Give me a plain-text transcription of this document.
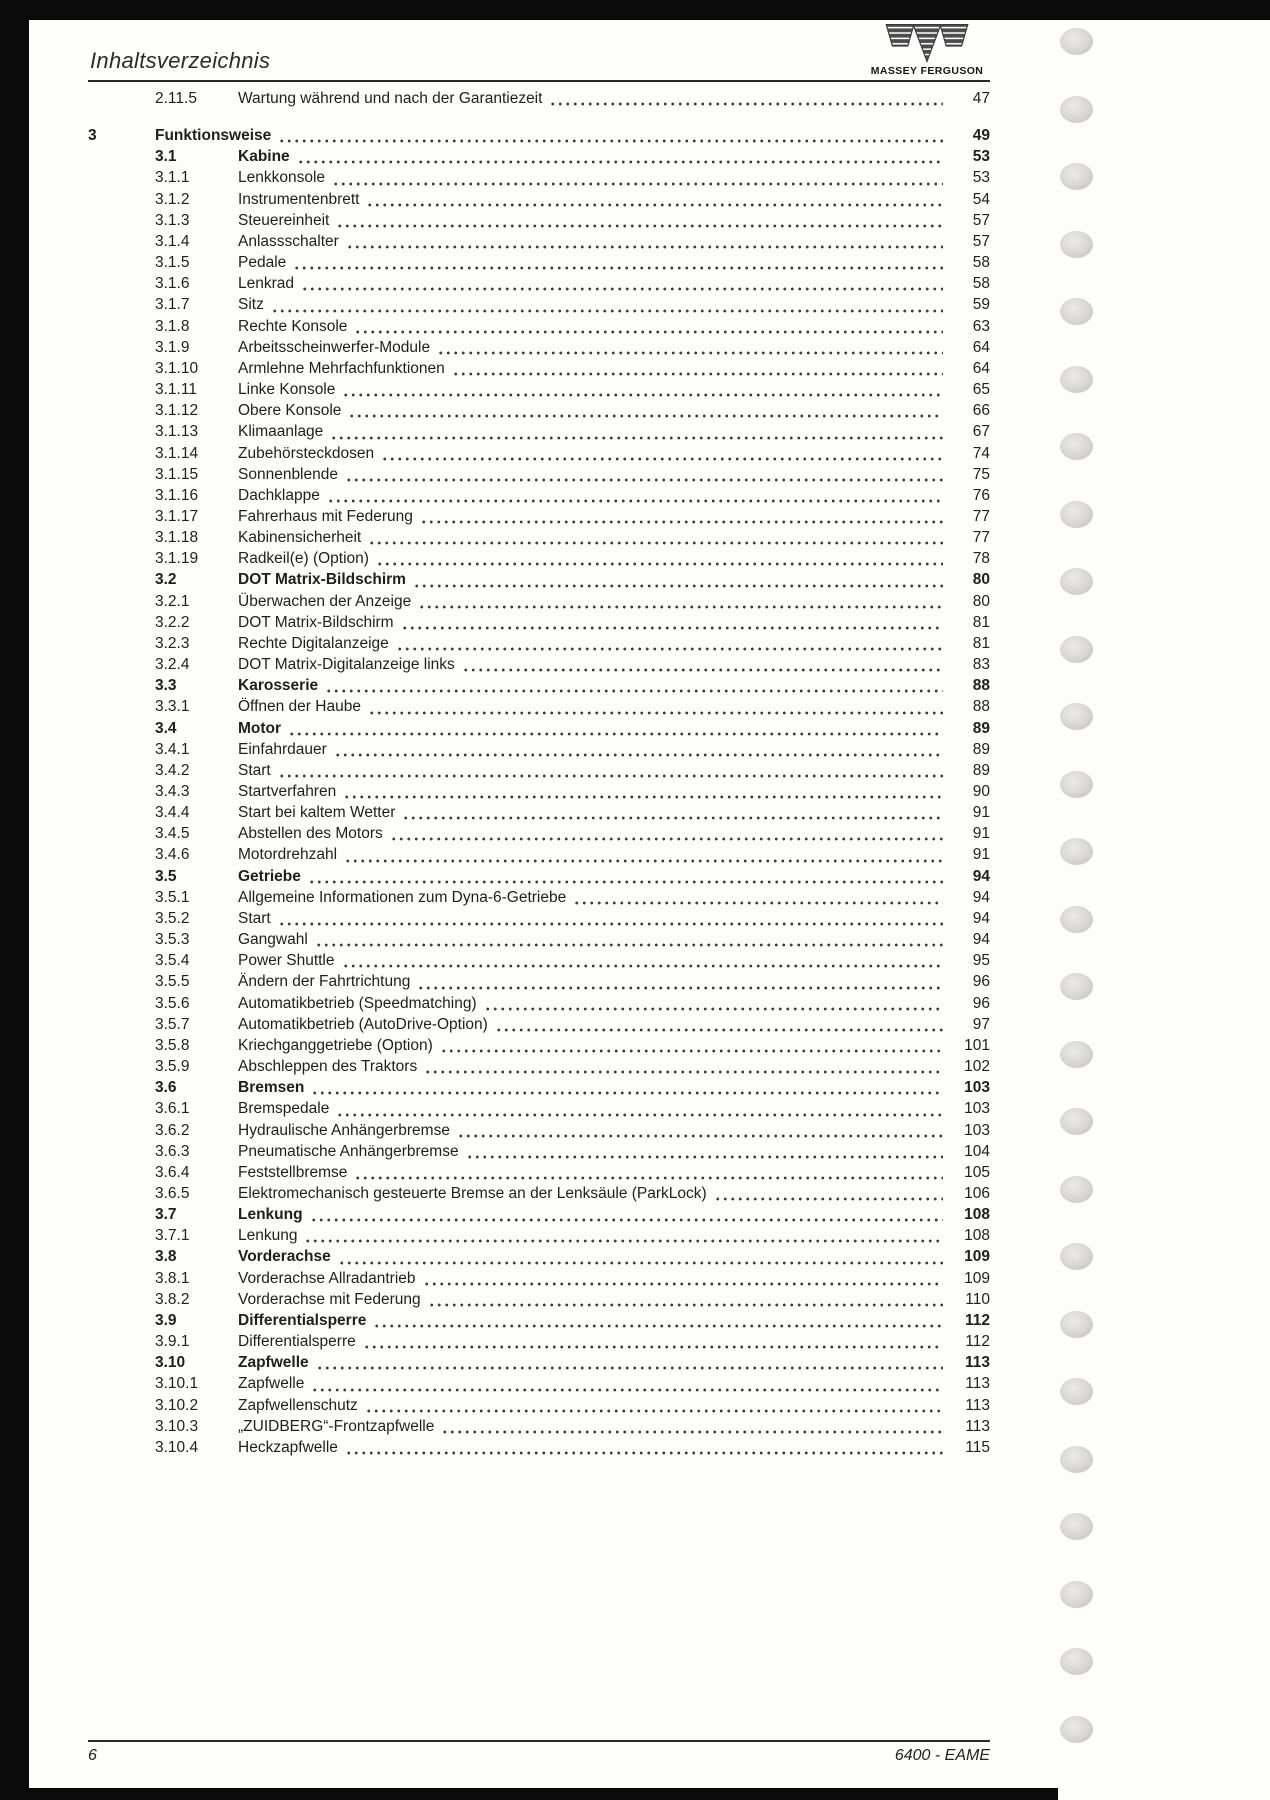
Inhaltsverzeichnis	MASSEY FERGUSON
2.11.5	Wartung während und nach der Garantiezeit	47
3	Funktionsweise	49
3.1	Kabine	53
3.1.1	Lenkkonsole	53
3.1.2	Instrumentenbrett	54
3.1.3	Steuereinheit	57
3.1.4	Anlassschalter	57
3.1.5	Pedale	58
3.1.6	Lenkrad	58
3.1.7	Sitz	59
3.1.8	Rechte Konsole	63
3.1.9	Arbeitsscheinwerfer-Module	64
3.1.10	Armlehne Mehrfachfunktionen	64
3.1.11	Linke Konsole	65
3.1.12	Obere Konsole	66
3.1.13	Klimaanlage	67
3.1.14	Zubehörsteckdosen	74
3.1.15	Sonnenblende	75
3.1.16	Dachklappe	76
3.1.17	Fahrerhaus mit Federung	77
3.1.18	Kabinensicherheit	77
3.1.19	Radkeil(e) (Option)	78
3.2	DOT Matrix-Bildschirm	80
3.2.1	Überwachen der Anzeige	80
3.2.2	DOT Matrix-Bildschirm	81
3.2.3	Rechte Digitalanzeige	81
3.2.4	DOT Matrix-Digitalanzeige links	83
3.3	Karosserie	88
3.3.1	Öffnen der Haube	88
3.4	Motor	89
3.4.1	Einfahrdauer	89
3.4.2	Start	89
3.4.3	Startverfahren	90
3.4.4	Start bei kaltem Wetter	91
3.4.5	Abstellen des Motors	91
3.4.6	Motordrehzahl	91
3.5	Getriebe	94
3.5.1	Allgemeine Informationen zum Dyna-6-Getriebe	94
3.5.2	Start	94
3.5.3	Gangwahl	94
3.5.4	Power Shuttle	95
3.5.5	Ändern der Fahrtrichtung	96
3.5.6	Automatikbetrieb (Speedmatching)	96
3.5.7	Automatikbetrieb (AutoDrive-Option)	97
3.5.8	Kriechganggetriebe (Option)	101
3.5.9	Abschleppen des Traktors	102
3.6	Bremsen	103
3.6.1	Bremspedale	103
3.6.2	Hydraulische Anhängerbremse	103
3.6.3	Pneumatische Anhängerbremse	104
3.6.4	Feststellbremse	105
3.6.5	Elektromechanisch gesteuerte Bremse an der Lenksäule (ParkLock)	106
3.7	Lenkung	108
3.7.1	Lenkung	108
3.8	Vorderachse	109
3.8.1	Vorderachse Allradantrieb	109
3.8.2	Vorderachse mit Federung	110
3.9	Differentialsperre	112
3.9.1	Differentialsperre	112
3.10	Zapfwelle	113
3.10.1	Zapfwelle	113
3.10.2	Zapfwellenschutz	113
3.10.3	„ZUIDBERG“-Frontzapfwelle	113
3.10.4	Heckzapfwelle	115
6	6400 - EAME
